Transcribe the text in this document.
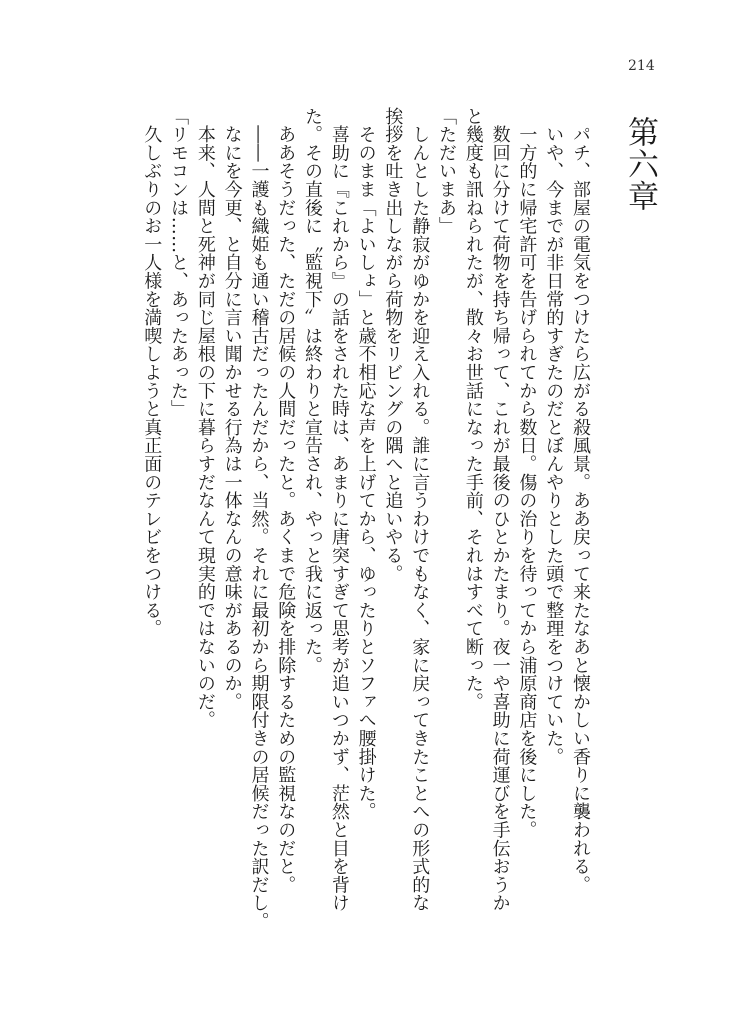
214
第六章
　パチ、部屋の電気をつけたら広がる殺風景。ああ戻って来たなあと懐かしい香りに襲われる。
　いや、今までが非日常的すぎたのだとぼんやりとした頭で整理をつけていた。
　一方的に帰宅許可を告げられてから数日。傷の治りを待ってから浦原商店を後にした。
　数回に分けて荷物を持ち帰って、これが最後のひとかたまり。夜一や喜助に荷運びを手伝おうか
と幾度も訊ねられたが、散々お世話になった手前、それはすべて断った。
「ただいまあ」
　しんとした静寂がゆかを迎え入れる。誰に言うわけでもなく、家に戻ってきたことへの形式的な
挨拶を吐き出しながら荷物をリビングの隅へと追いやる。
　そのまま「よいしょ」と歳不相応な声を上げてから、ゆったりとソファへ腰掛けた。
　喜助に『これから』の話をされた時は、あまりに唐突すぎて思考が追いつかず、茫然と目を背け
た。その直後に〝監視下〟は終わりと宣告され、やっと我に返った。
　ああそうだった、ただの居候の人間だったと。あくまで危険を排除するための監視なのだと。
　――一護も織姫も通い稽古だったんだから、当然。それに最初から期限付きの居候だった訳だし。
　なにを今更、と自分に言い聞かせる行為は一体なんの意味があるのか。
　本来、人間と死神が同じ屋根の下に暮らすだなんて現実的ではないのだ。
「リモコンは……と、あったあった」
　久しぶりのお一人様を満喫しようと真正面のテレビをつける。
